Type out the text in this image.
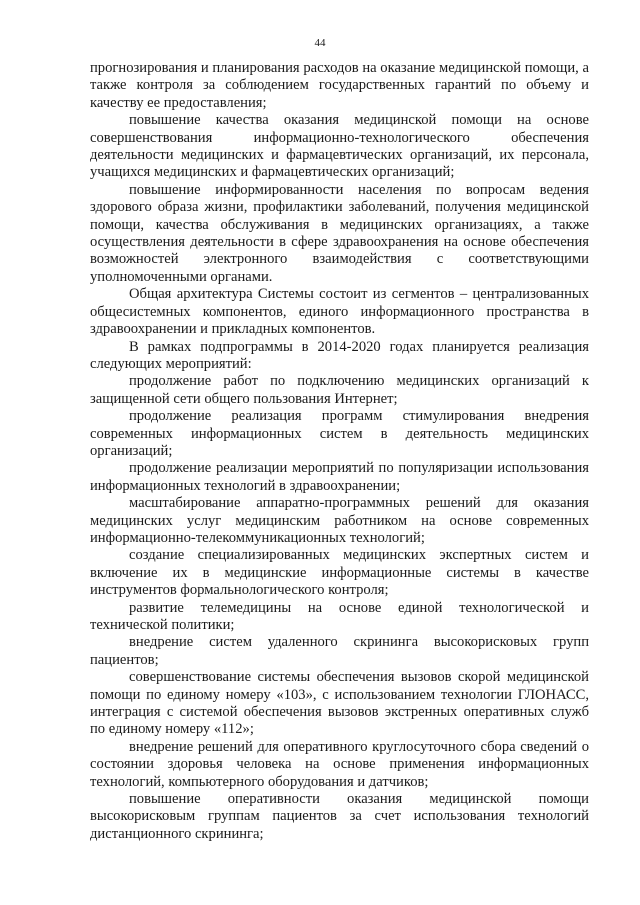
44

прогнозирования и планирования расходов на оказание медицинской помощи, а также контроля за соблюдением государственных гарантий по объему и качеству ее предоставления;

повышение качества оказания медицинской помощи на основе совершенствования информационно-технологического обеспечения деятельности медицинских и фармацевтических организаций, их персонала, учащихся медицинских и фармацевтических организаций;

повышение информированности населения по вопросам ведения здорового образа жизни, профилактики заболеваний, получения медицинской помощи, качества обслуживания в медицинских организациях, а также осуществления деятельности в сфере здравоохранения на основе обеспечения возможностей электронного взаимодействия с соответствующими уполномоченными органами.

Общая архитектура Системы состоит из сегментов – централизованных общесистемных компонентов, единого информационного пространства в здравоохранении и прикладных компонентов.

В рамках подпрограммы в 2014-2020 годах планируется реализация следующих мероприятий:

продолжение работ по подключению медицинских организаций к защищенной сети общего пользования Интернет;

продолжение реализация программ стимулирования внедрения современных информационных систем в деятельность медицинских организаций;

продолжение реализации мероприятий по популяризации использования информационных технологий в здравоохранении;

масштабирование аппаратно-программных решений для оказания медицинских услуг медицинским работником на основе современных информационно-телекоммуникационных технологий;

создание специализированных медицинских экспертных систем и включение их в медицинские информационные системы в качестве инструментов формальнологического контроля;

развитие телемедицины на основе единой технологической и технической политики;

внедрение систем удаленного скрининга высокорисковых групп пациентов;

совершенствование системы обеспечения вызовов скорой медицинской помощи по единому номеру «103», с использованием технологии ГЛОНАСС, интеграция с системой обеспечения вызовов экстренных оперативных служб по единому номеру «112»;

внедрение решений для оперативного круглосуточного сбора сведений о состоянии здоровья человека на основе применения информационных технологий, компьютерного оборудования и датчиков;

повышение оперативности оказания медицинской помощи высокорисковым группам пациентов за счет использования технологий дистанционного скрининга;
